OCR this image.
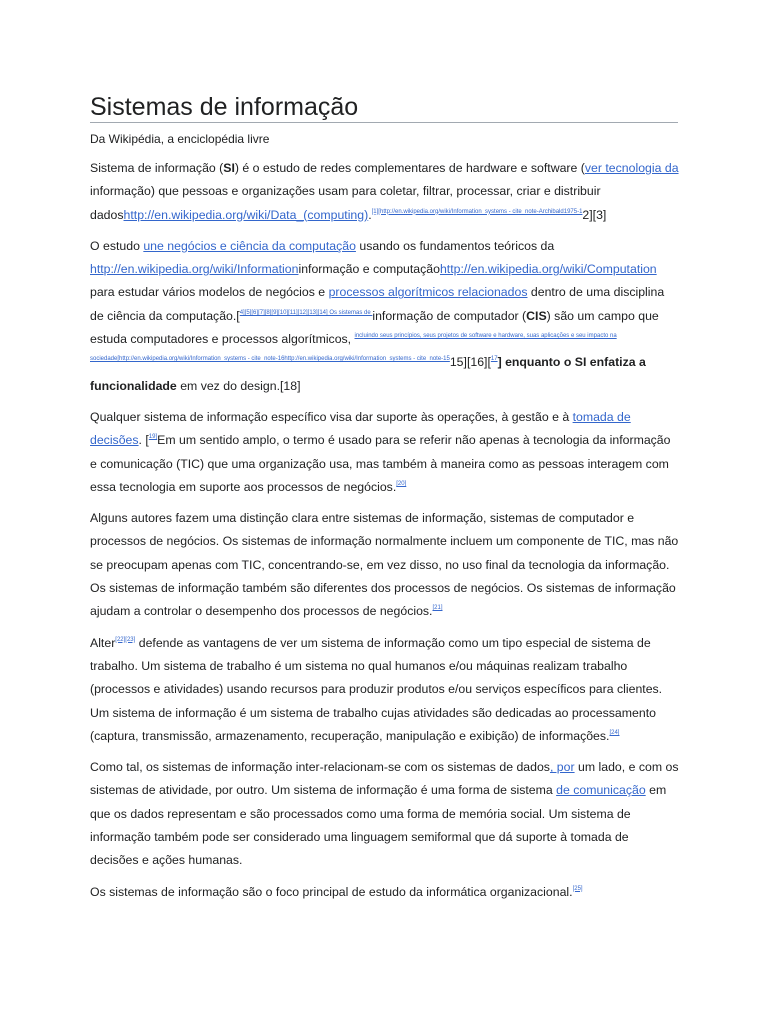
Sistemas de informação
Da Wikipédia, a enciclopédia livre

Sistema de informação (SI) é o estudo de redes complementares de hardware e software (ver tecnologia da informação) que pessoas e organizações usam para coletar, filtrar, processar, criar e distribuir dadoshttp://en.wikipedia.org/wiki/Data_(computing).$^{[1][http://en.wikipedia.org/wiki/Information\_systems - cite\_note-Archibald1975-1}$2][3]

O estudo une negócios e ciência da computação usando os fundamentos teóricos da http://en.wikipedia.org/wiki/Informationinformação e computaçãohttp://en.wikipedia.org/wiki/Computation para estudar vários modelos de negócios e processos algorítmicos relacionados dentro de uma disciplina de ciência da computação.[$^{4][5][6][7][8][9][10][11][12][13][14] Os sistemas de}$ informação de computador (CIS) são um campo que estuda computadores e processos algorítmicos, $^{incluindo seus princípios, seus projetos de software e hardware, suas aplicações e seu impacto na sociedade[http://en.wikipedia.org/wiki/Information\_systems - cite\_note-16http://en.wikipedia.org/wiki/Information\_systems - cite\_note-15}$15][16][$^{17}$] enquanto o SI enfatiza a funcionalidade em vez do design.[18]

Qualquer sistema de informação específico visa dar suporte às operações, à gestão e à tomada de decisões. [$^{19]}$Em um sentido amplo, o termo é usado para se referir não apenas à tecnologia da informação e comunicação (TIC) que uma organização usa, mas também à maneira como as pessoas interagem com essa tecnologia em suporte aos processos de negócios.[20]

Alguns autores fazem uma distinção clara entre sistemas de informação, sistemas de computador e processos de negócios. Os sistemas de informação normalmente incluem um componente de TIC, mas não se preocupam apenas com TIC, concentrando-se, em vez disso, no uso final da tecnologia da informação. Os sistemas de informação também são diferentes dos processos de negócios. Os sistemas de informação ajudam a controlar o desempenho dos processos de negócios.[21]

Alter[22][23] defende as vantagens de ver um sistema de informação como um tipo especial de sistema de trabalho. Um sistema de trabalho é um sistema no qual humanos e/ou máquinas realizam trabalho (processos e atividades) usando recursos para produzir produtos e/ou serviços específicos para clientes. Um sistema de informação é um sistema de trabalho cujas atividades são dedicadas ao processamento (captura, transmissão, armazenamento, recuperação, manipulação e exibição) de informações.[24]

Como tal, os sistemas de informação inter-relacionam-se com os sistemas de dados, por um lado, e com os sistemas de atividade, por outro. Um sistema de informação é uma forma de sistema de comunicação em que os dados representam e são processados como uma forma de memória social. Um sistema de informação também pode ser considerado uma linguagem semiformal que dá suporte à tomada de decisões e ações humanas.

Os sistemas de informação são o foco principal de estudo da informática organizacional.[25]
